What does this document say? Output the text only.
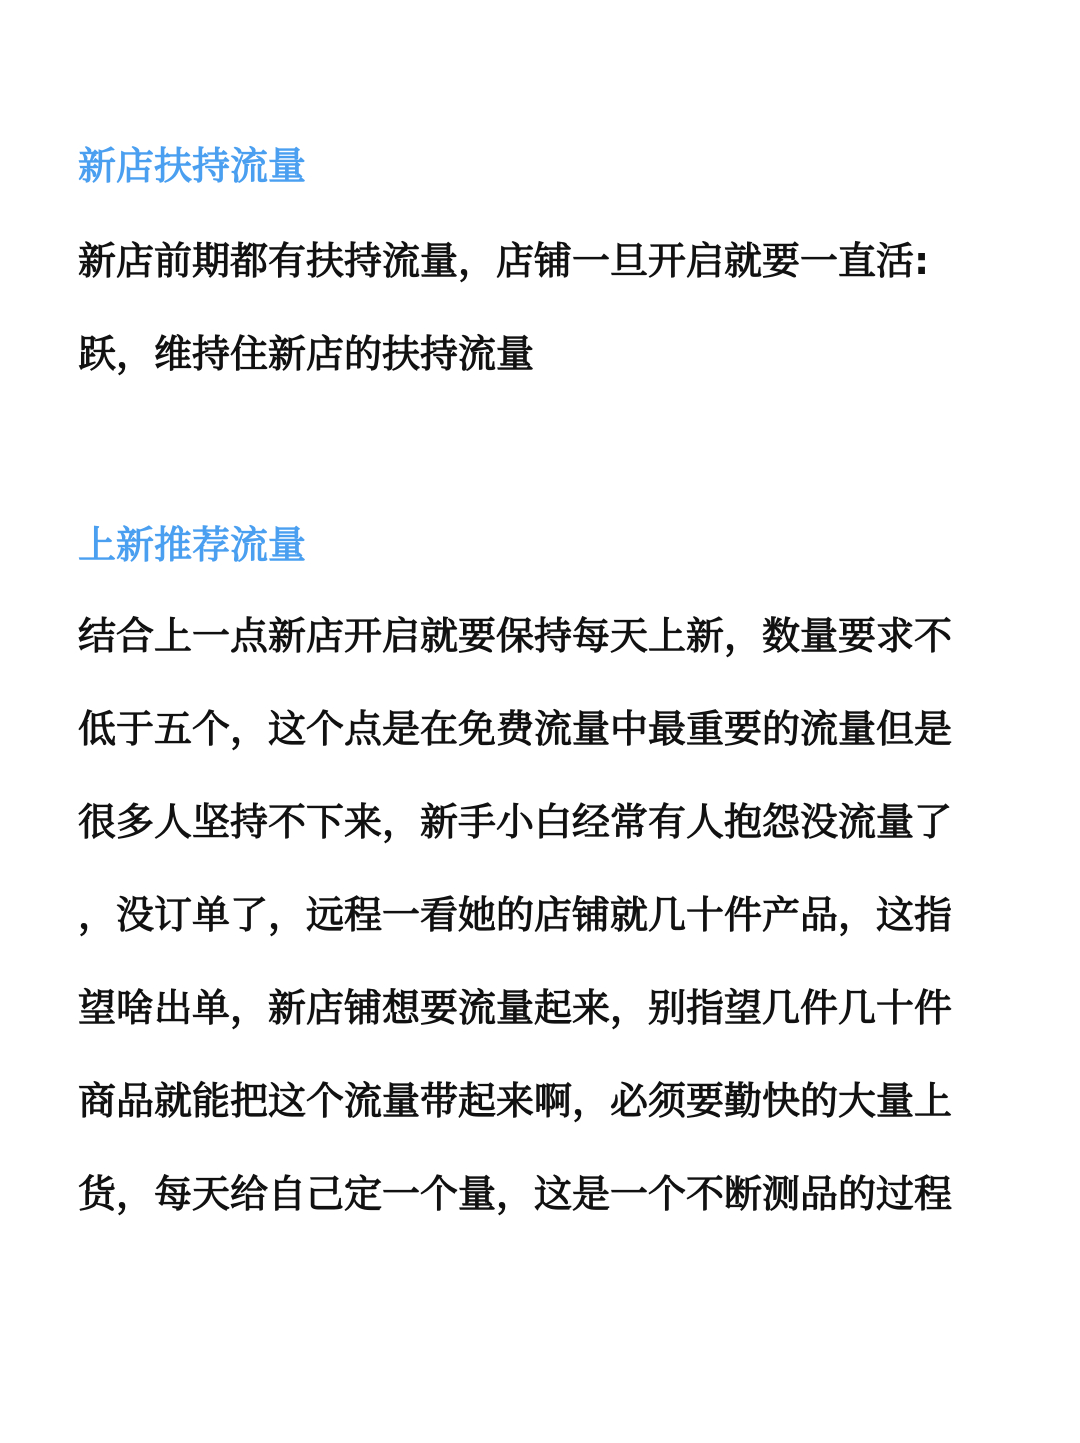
新店扶持流量

新店前期都有扶持流量，店铺一旦开启就要一直活:

跃，维持住新店的扶持流量

上新推荐流量

结合上一点新店开启就要保持每天上新，数量要求不

低于五个，这个点是在免费流量中最重要的流量但是

很多人坚持不下来，新手小白经常有人抱怨没流量了

，没订单了，远程一看她的店铺就几十件产品，这指

望啥出单，新店铺想要流量起来，别指望几件几十件

商品就能把这个流量带起来啊，必须要勤快的大量上

货，每天给自己定一个量，这是一个不断测品的过程
